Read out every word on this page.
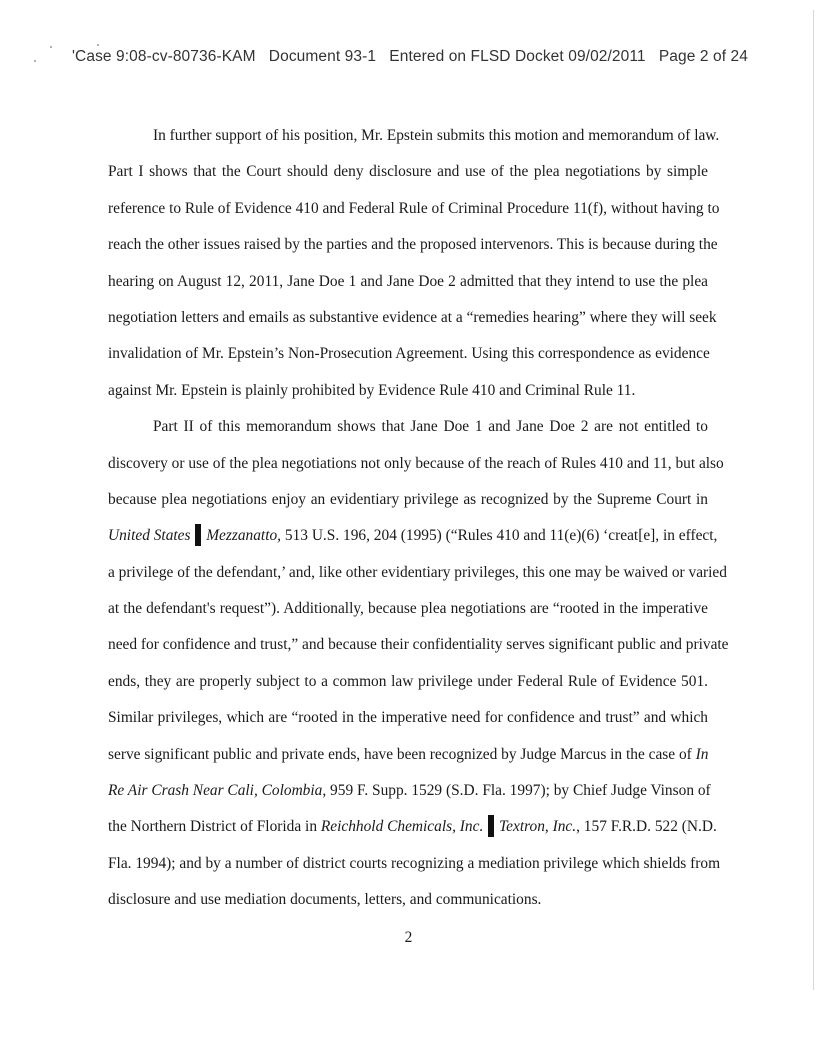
'Case 9:08-cv-80736-KAM   Document 93-1   Entered on FLSD Docket 09/02/2011   Page 2 of 24
In further support of his position, Mr. Epstein submits this motion and memorandum of law.
Part I shows that the Court should deny disclosure and use of the plea negotiations by simple
reference to Rule of Evidence 410 and Federal Rule of Criminal Procedure 11(f), without having to
reach the other issues raised by the parties and the proposed intervenors. This is because during the
hearing on August 12, 2011, Jane Doe 1 and Jane Doe 2 admitted that they intend to use the plea
negotiation letters and emails as substantive evidence at a “remedies hearing” where they will seek
invalidation of Mr. Epstein’s Non-Prosecution Agreement. Using this correspondence as evidence
against Mr. Epstein is plainly prohibited by Evidence Rule 410 and Criminal Rule 11.
Part II of this memorandum shows that Jane Doe 1 and Jane Doe 2 are not entitled to
discovery or use of the plea negotiations not only because of the reach of Rules 410 and 11, but also
because plea negotiations enjoy an evidentiary privilege as recognized by the Supreme Court in
United States Mezzanatto, 513 U.S. 196, 204 (1995) (“Rules 410 and 11(e)(6) ‘creat[e], in effect,
a privilege of the defendant,’ and, like other evidentiary privileges, this one may be waived or varied
at the defendant's request”). Additionally, because plea negotiations are “rooted in the imperative
need for confidence and trust,” and because their confidentiality serves significant public and private
ends, they are properly subject to a common law privilege under Federal Rule of Evidence 501.
Similar privileges, which are “rooted in the imperative need for confidence and trust” and which
serve significant public and private ends, have been recognized by Judge Marcus in the case of In
Re Air Crash Near Cali, Colombia, 959 F. Supp. 1529 (S.D. Fla. 1997); by Chief Judge Vinson of
the Northern District of Florida in Reichhold Chemicals, Inc. Textron, Inc., 157 F.R.D. 522 (N.D.
Fla. 1994); and by a number of district courts recognizing a mediation privilege which shields from
disclosure and use mediation documents, letters, and communications.
2
